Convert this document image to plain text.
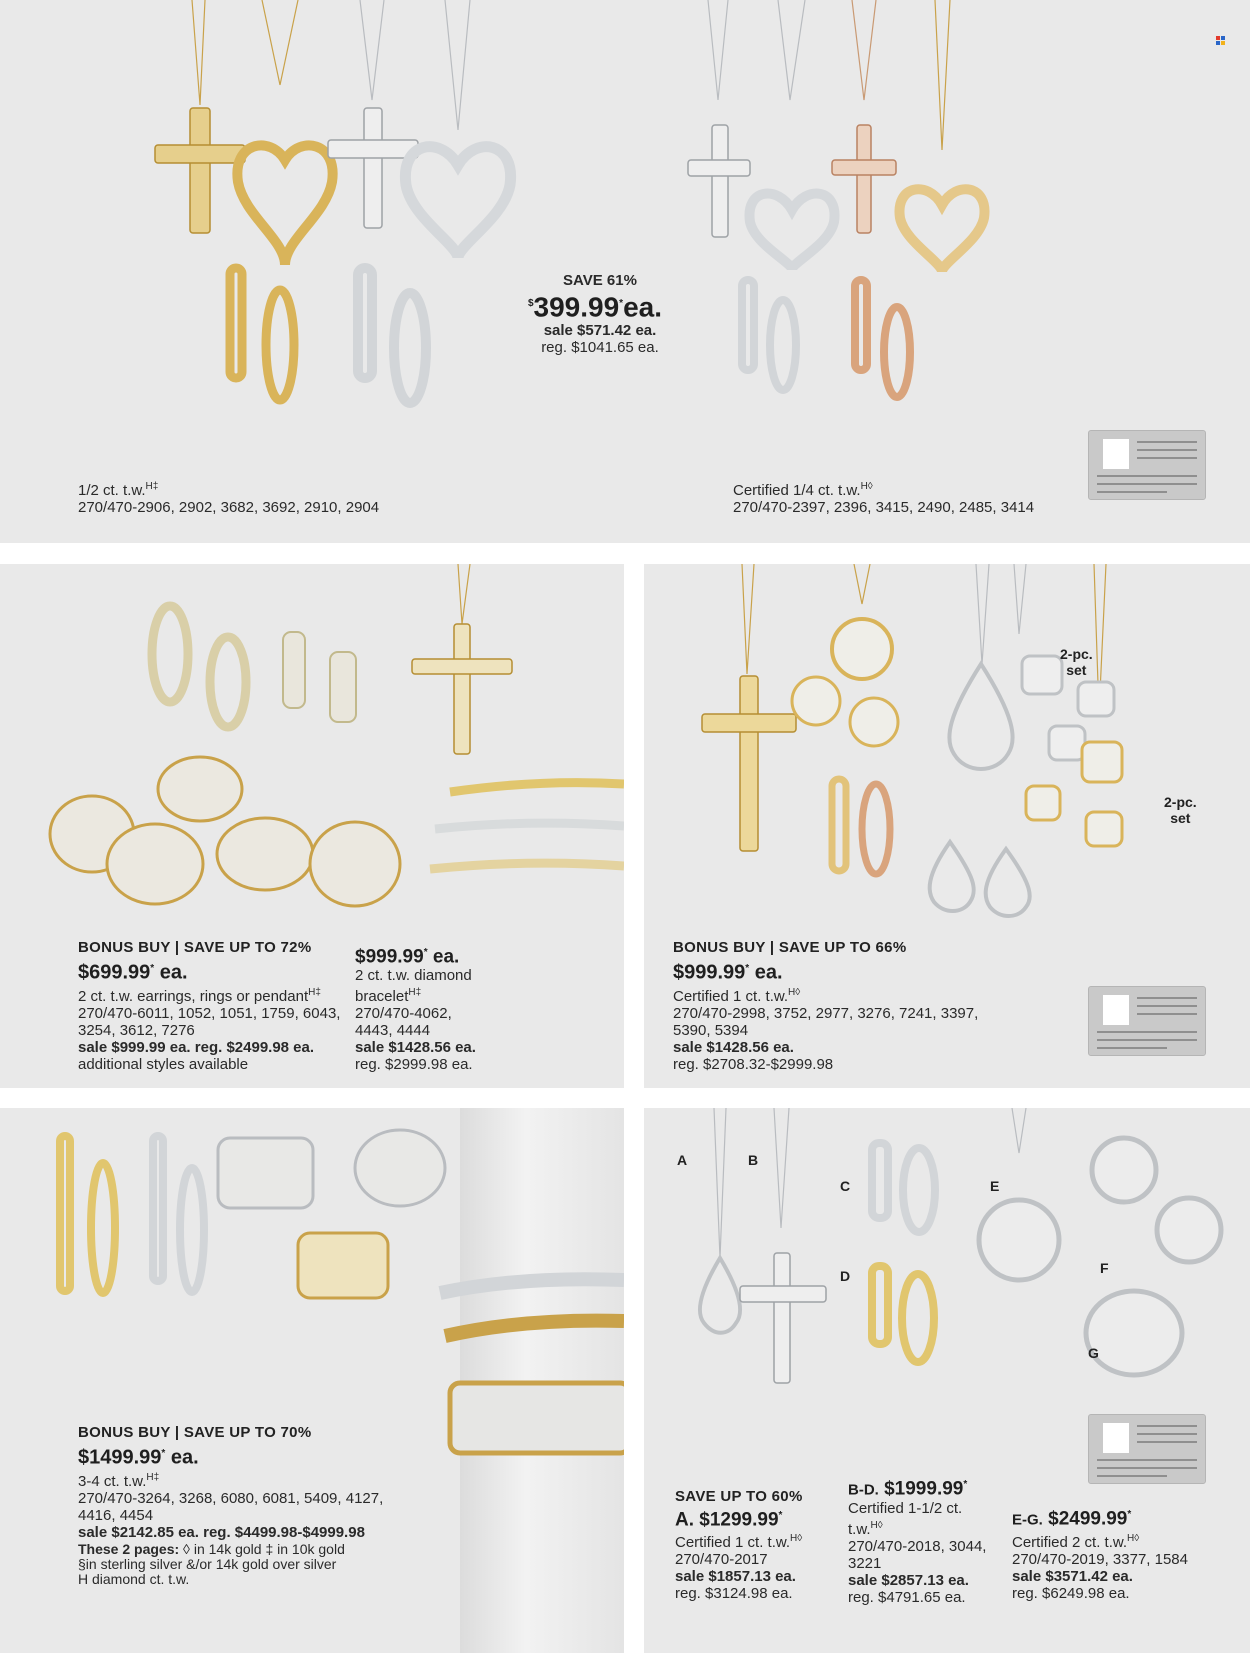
SAVE 61%
$399.99*ea.
sale $571.42 ea.
reg. $1041.65 ea.
1/2 ct. t.w.$^{H\ddagger}$
270/470-2906, 2902, 3682, 3692, 2910, 2904
Certified 1/4 ct. t.w.$^{H◊}$
270/470-2397, 2396, 3415, 2490, 2485, 3414
BONUS BUY | SAVE UP TO 72%
$699.99* ea.
2 ct. t.w. earrings, rings or pendant$^{H\ddagger}$
270/470-6011, 1052, 1051, 1759, 6043,
3254, 3612, 7276
sale $999.99 ea. reg. $2499.98 ea.
additional styles available
$999.99* ea.
2 ct. t.w. diamond
bracelet$^{H\ddagger}$
270/470-4062,
4443, 4444
sale $1428.56 ea.
reg. $2999.98 ea.
2-pc.
set
2-pc.
set
BONUS BUY | SAVE UP TO 66%
$999.99* ea.
Certified 1 ct. t.w.$^{H◊}$
270/470-2998, 3752, 2977, 3276, 7241, 3397,
5390, 5394
sale $1428.56 ea.
reg. $2708.32-$2999.98
BONUS BUY | SAVE UP TO 70%
$1499.99* ea.
3-4 ct. t.w.$^{H\ddagger}$
270/470-3264, 3268, 6080, 6081, 5409, 4127,
4416, 4454
sale $2142.85 ea. reg. $4499.98-$4999.98
These 2 pages: ◊ in 14k gold ‡ in 10k gold
§in sterling silver &/or 14k gold over silver
H diamond ct. t.w.
A	B
C
D
E
F
G
SAVE UP TO 60%
A. $1299.99*
Certified 1 ct. t.w.$^{H◊}$
270/470-2017
sale $1857.13 ea.
reg. $3124.98 ea.
B-D. $1999.99*
Certified 1-1/2 ct.
t.w.$^{H◊}$
270/470-2018, 3044,
3221
sale $2857.13 ea.
reg. $4791.65 ea.
E-G. $2499.99*
Certified 2 ct. t.w.$^{H◊}$
270/470-2019, 3377, 1584
sale $3571.42 ea.
reg. $6249.98 ea.
